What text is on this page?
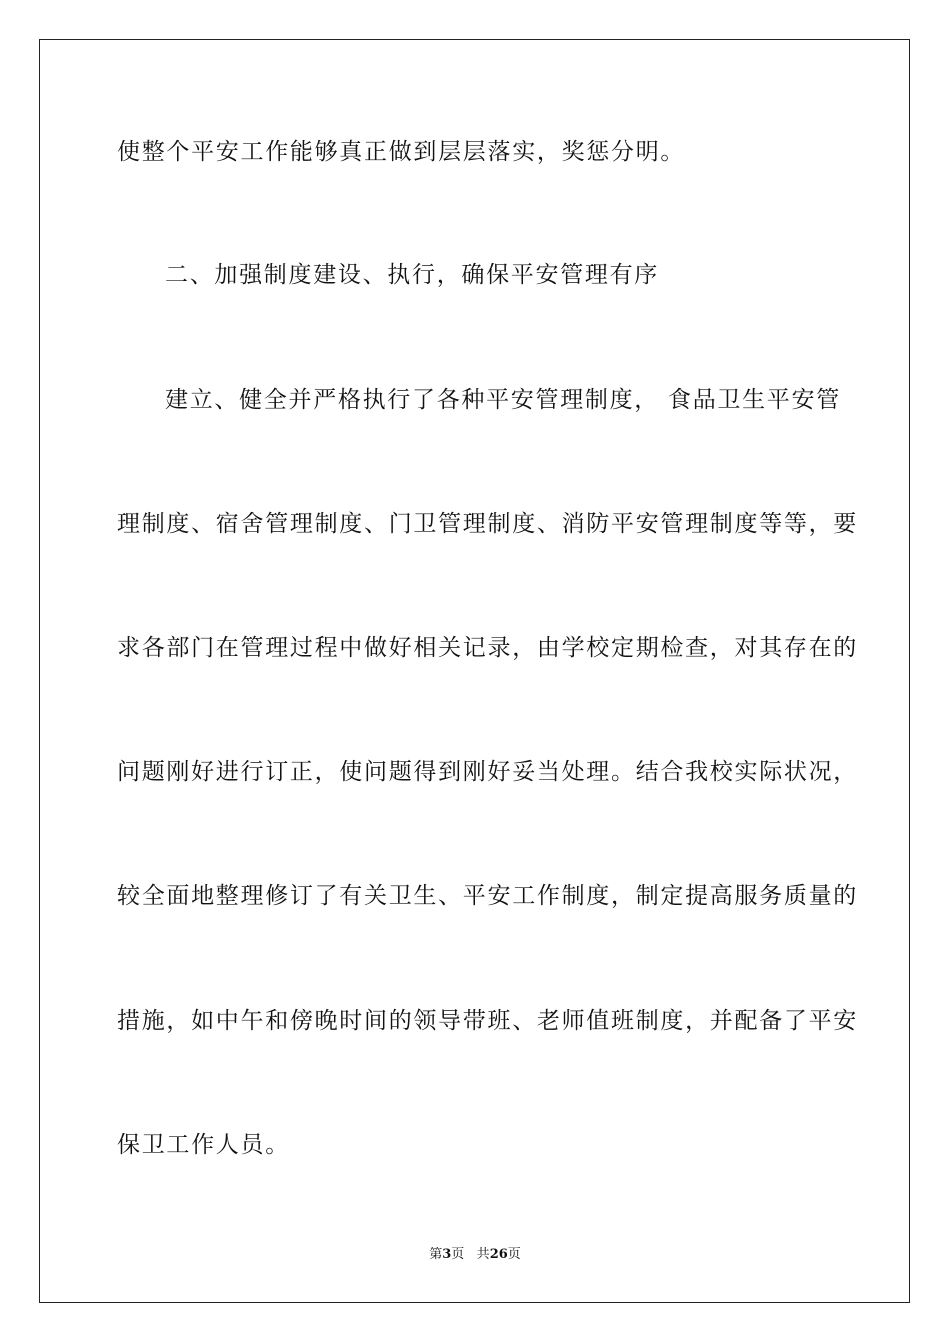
使整个平安工作能够真正做到层层落实，奖惩分明。
二、加强制度建设、执行，确保平安管理有序
建立、健全并严格执行了各种平安管理制度， 食品卫生平安管
理制度、宿舍管理制度、门卫管理制度、消防平安管理制度等等，要
求各部门在管理过程中做好相关记录，由学校定期检查，对其存在的
问题刚好进行订正，使问题得到刚好妥当处理。结合我校实际状况，
较全面地整理修订了有关卫生、平安工作制度，制定提高服务质量的
措施，如中午和傍晚时间的领导带班、老师值班制度，并配备了平安
保卫工作人员。
第3页 共26页
